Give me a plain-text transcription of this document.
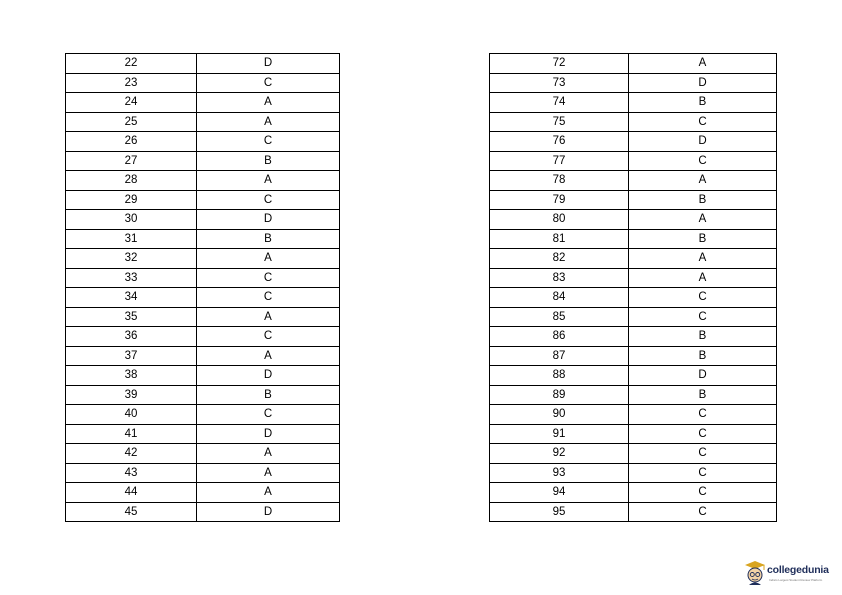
22	D
23	C
24	A
25	A
26	C
27	B
28	A
29	C
30	D
31	B
32	A
33	C
34	C
35	A
36	C
37	A
38	D
39	B
40	C
41	D
42	A
43	A
44	A
45	D
72	A
73	D
74	B
75	C
76	D
77	C
78	A
79	B
80	A
81	B
82	A
83	A
84	C
85	C
86	B
87	B
88	D
89	B
90	C
91	C
92	C
93	C
94	C
95	C
collegedunia
India's Largest Student Review Platform
